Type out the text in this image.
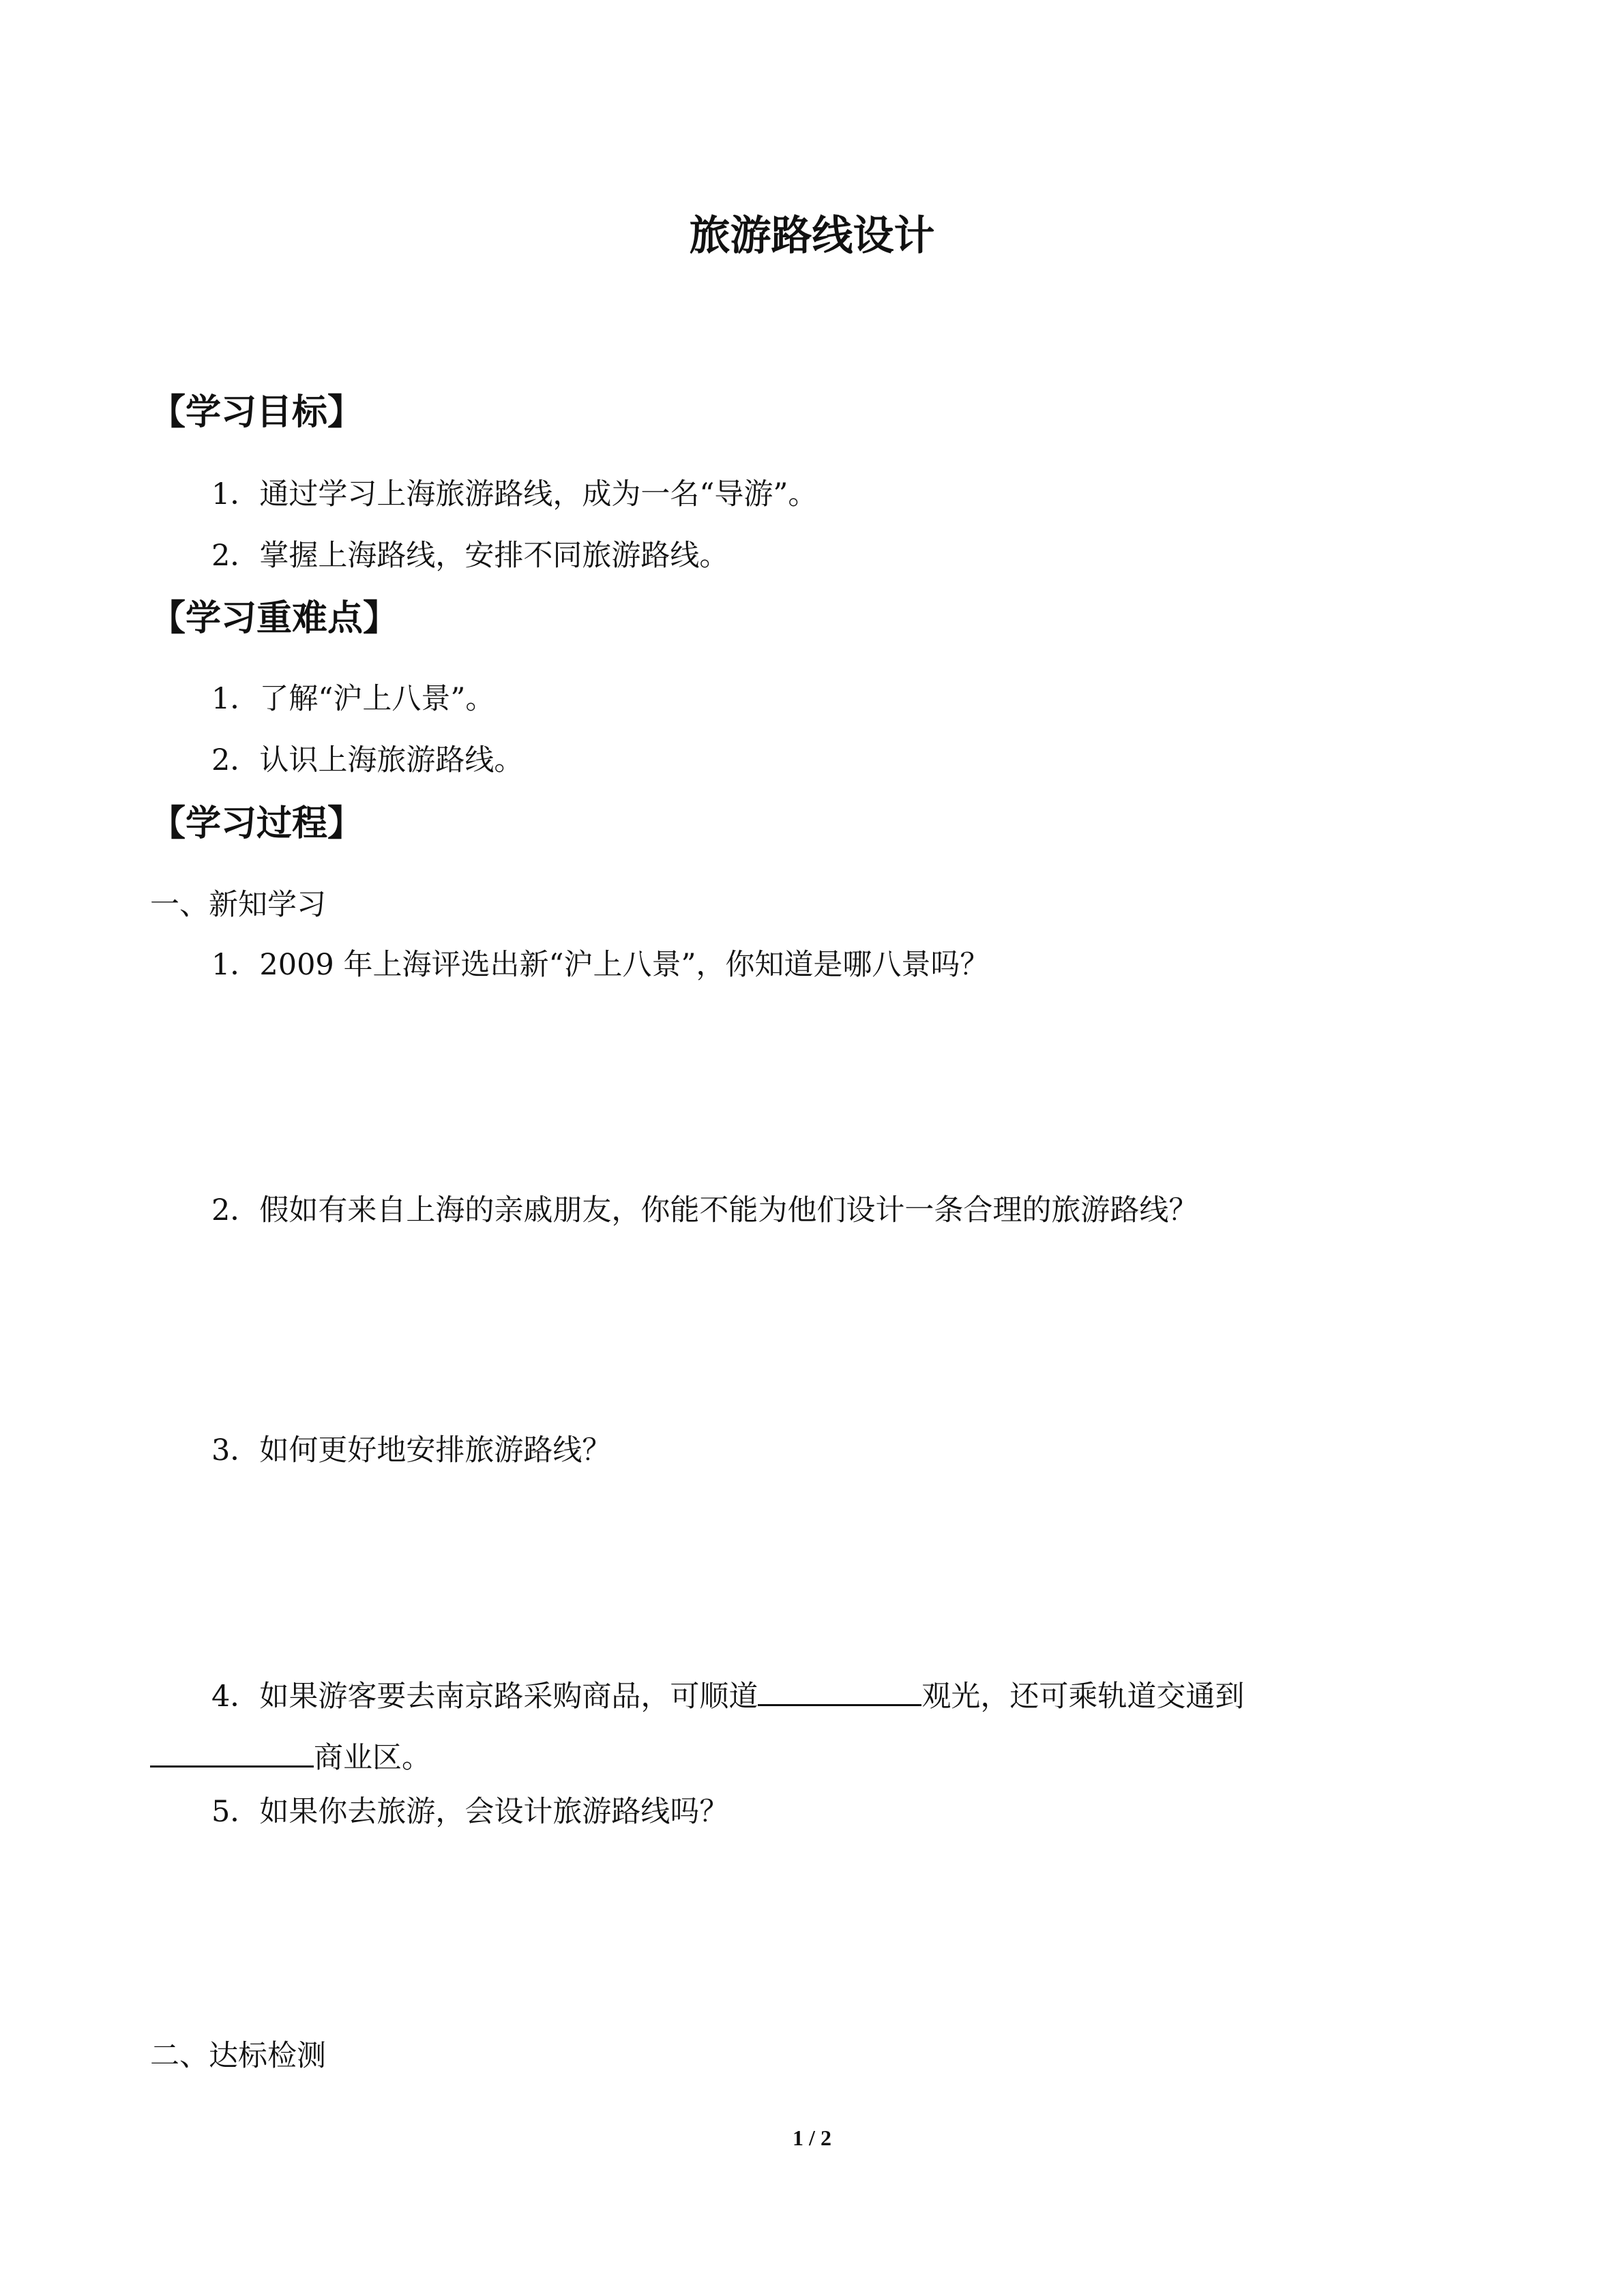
旅游路线设计
【学习目标】
1．通过学习上海旅游路线，成为一名“导游”。
2．掌握上海路线，安排不同旅游路线。
【学习重难点】
1．了解“沪上八景”。
2．认识上海旅游路线。
【学习过程】
一、新知学习
1．2009 年上海评选出新“沪上八景”，你知道是哪八景吗？
2．假如有来自上海的亲戚朋友，你能不能为他们设计一条合理的旅游路线？
3．如何更好地安排旅游路线？
4．如果游客要去南京路采购商品，可顺道	观光，还可乘轨道交通到
商业区。
5．如果你去旅游，会设计旅游路线吗？
二、达标检测
1 / 2
